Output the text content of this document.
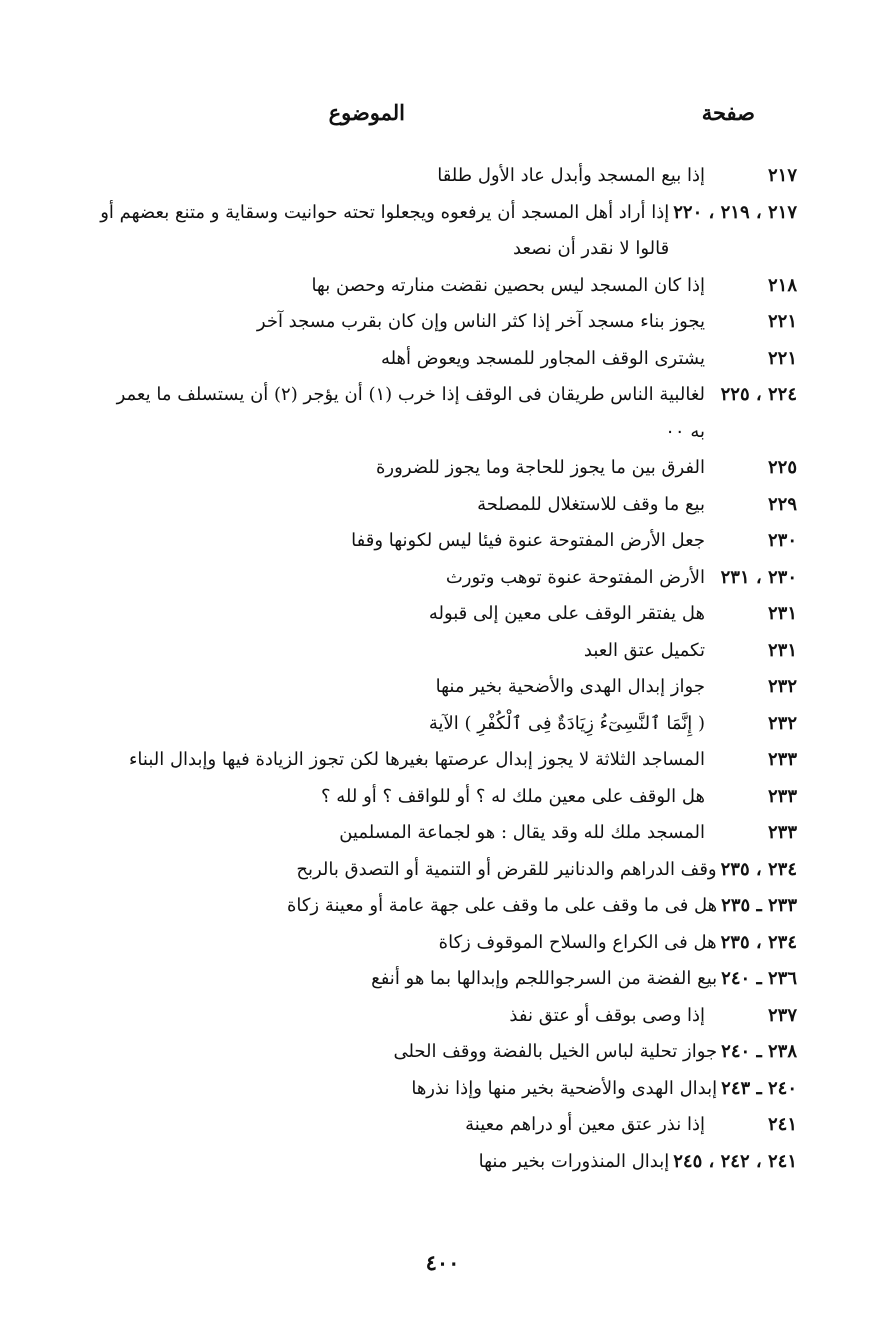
صفحة
الموضوع
٢١٧
إذا بيع المسجد وأبدل عاد الأول طلقا
٢١٧ ، ٢١٩ ، ٢٢٠
إذا أراد أهل المسجد أن يرفعوه ويجعلوا تحته حوانيت وسقاية و متنع بعضهم أو قالوا لا نقدر أن نصعد
٢١٨
إذا كان المسجد ليس بحصين نقضت منارته وحصن بها
٢٢١
يجوز بناء مسجد آخر إذا كثر الناس وإن كان بقرب مسجد آخر
٢٢١
يشترى الوقف المجاور للمسجد ويعوض أهله
٢٢٤ ، ٢٢٥
لغالبية الناس طريقان فى الوقف إذا خرب (١) أن يؤجر (٢) أن يستسلف ما يعمر به ٠٠
٢٢٥
الفرق بين ما يجوز للحاجة وما يجوز للضرورة
٢٢٩
بيع ما وقف للاستغلال للمصلحة
٢٣٠
جعل الأرض المفتوحة عنوة فيئا ليس لكونها وقفا
٢٣٠ ، ٢٣١
الأرض المفتوحة عنوة توهب وتورث
٢٣١
هل يفتقر الوقف على معين إلى قبوله
٢٣١
تكميل عتق العبد
٢٣٢
جواز إبدال الهدى والأضحية بخير منها
٢٣٢
( إِنَّمَا ٱلنَّسِىٓءُ زِيَادَةٌ فِى ٱلْكُفْرِ ) الآية
٢٣٣
المساجد الثلاثة لا يجوز إبدال عرصتها بغيرها لكن تجوز الزيادة فيها وإبدال البناء
٢٣٣
هل الوقف على معين ملك له ؟ أو للواقف ؟ أو لله ؟
٢٣٣
المسجد ملك لله وقد يقال : هو لجماعة المسلمين
٢٣٤ ، ٢٣٥
وقف الدراهم والدنانير للقرض أو التنمية أو التصدق بالربح
٢٣٣ ـ ٢٣٥
هل فى ما وقف على ما وقف على جهة عامة أو معينة زكاة
٢٣٤ ، ٢٣٥
هل فى الكراع والسلاح الموقوف زكاة
٢٣٦ ـ ٢٤٠
بيع الفضة من السرجواللجم وإبدالها بما هو أنفع
٢٣٧
إذا وصى بوقف أو عتق نفذ
٢٣٨ ـ ٢٤٠
جواز تحلية لباس الخيل بالفضة ووقف الحلى
٢٤٠ ـ ٢٤٣
إبدال الهدى والأضحية بخير منها وإذا نذرها
٢٤١
إذا نذر عتق معين أو دراهم معينة
٢٤١ ، ٢٤٢ ، ٢٤٥
إبدال المنذورات بخير منها
٤٠٠
